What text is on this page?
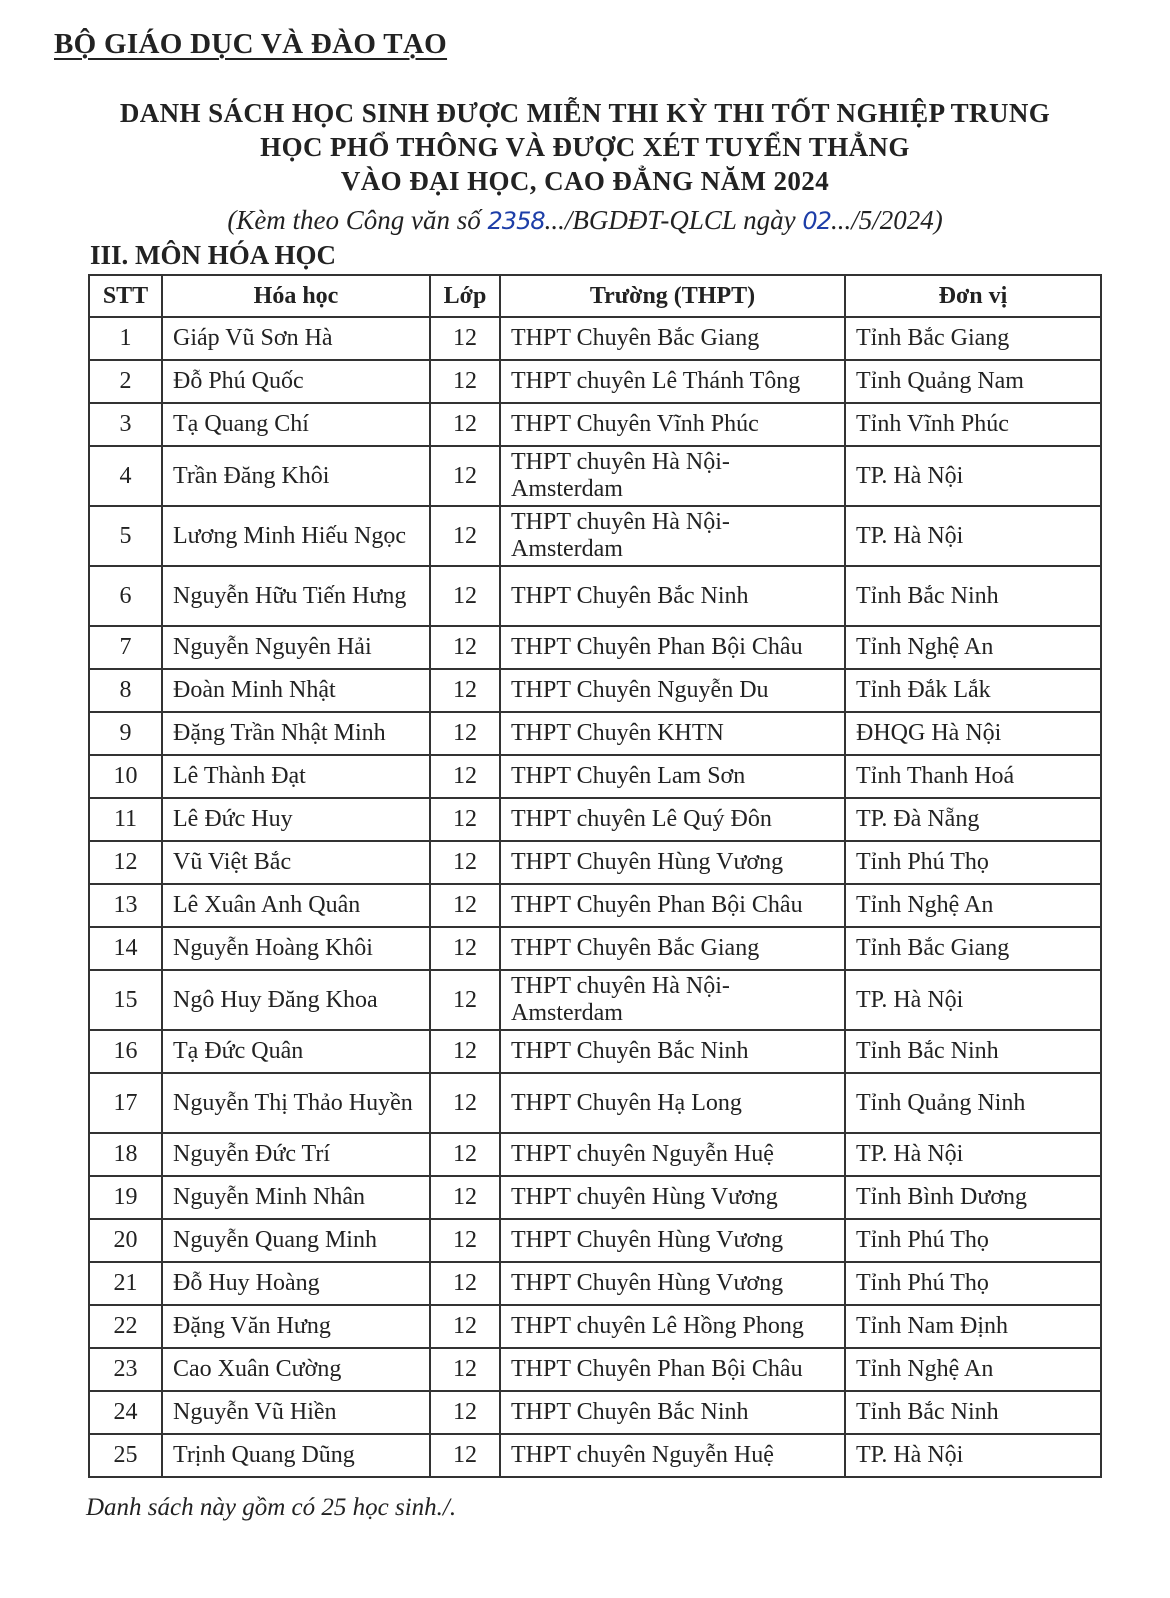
BỘ GIÁO DỤC VÀ ĐÀO TẠO
DANH SÁCH HỌC SINH ĐƯỢC MIỄN THI KỲ THI TỐT NGHIỆP TRUNG
HỌC PHỔ THÔNG VÀ ĐƯỢC XÉT TUYỂN THẲNG
VÀO ĐẠI HỌC, CAO ĐẲNG NĂM 2024
(Kèm theo Công văn số 2358.../BGDĐT-QLCL ngày 02.../5/2024)
III. MÔN HÓA HỌC
STT	Hóa học	Lớp	Trường (THPT)	Đơn vị
1	Giáp Vũ Sơn Hà	12	THPT Chuyên Bắc Giang	Tỉnh Bắc Giang
2	Đỗ Phú Quốc	12	THPT chuyên Lê Thánh Tông	Tỉnh Quảng Nam
3	Tạ Quang Chí	12	THPT Chuyên Vĩnh Phúc	Tỉnh Vĩnh Phúc
4	Trần Đăng Khôi	12	THPT chuyên Hà Nội-Amsterdam	TP. Hà Nội
5	Lương Minh Hiếu Ngọc	12	THPT chuyên Hà Nội-Amsterdam	TP. Hà Nội
6	Nguyễn Hữu Tiến Hưng	12	THPT Chuyên Bắc Ninh	Tỉnh Bắc Ninh
7	Nguyễn Nguyên Hải	12	THPT Chuyên Phan Bội Châu	Tỉnh Nghệ An
8	Đoàn Minh Nhật	12	THPT Chuyên Nguyễn Du	Tỉnh Đắk Lắk
9	Đặng Trần Nhật Minh	12	THPT Chuyên KHTN	ĐHQG Hà Nội
10	Lê Thành Đạt	12	THPT Chuyên Lam Sơn	Tỉnh Thanh Hoá
11	Lê Đức Huy	12	THPT chuyên Lê Quý Đôn	TP. Đà Nẵng
12	Vũ Việt Bắc	12	THPT Chuyên Hùng Vương	Tỉnh Phú Thọ
13	Lê Xuân Anh Quân	12	THPT Chuyên Phan Bội Châu	Tỉnh Nghệ An
14	Nguyễn Hoàng Khôi	12	THPT Chuyên Bắc Giang	Tỉnh Bắc Giang
15	Ngô Huy Đăng Khoa	12	THPT chuyên Hà Nội-Amsterdam	TP. Hà Nội
16	Tạ Đức Quân	12	THPT Chuyên Bắc Ninh	Tỉnh Bắc Ninh
17	Nguyễn Thị Thảo Huyền	12	THPT Chuyên Hạ Long	Tỉnh Quảng Ninh
18	Nguyễn Đức Trí	12	THPT chuyên Nguyễn Huệ	TP. Hà Nội
19	Nguyễn Minh Nhân	12	THPT chuyên Hùng Vương	Tỉnh Bình Dương
20	Nguyễn Quang Minh	12	THPT Chuyên Hùng Vương	Tỉnh Phú Thọ
21	Đỗ Huy Hoàng	12	THPT Chuyên Hùng Vương	Tỉnh Phú Thọ
22	Đặng Văn Hưng	12	THPT chuyên Lê Hồng Phong	Tỉnh Nam Định
23	Cao Xuân Cường	12	THPT Chuyên Phan Bội Châu	Tỉnh Nghệ An
24	Nguyễn Vũ Hiền	12	THPT Chuyên Bắc Ninh	Tỉnh Bắc Ninh
25	Trịnh Quang Dũng	12	THPT chuyên Nguyễn Huệ	TP. Hà Nội
Danh sách này gồm có 25 học sinh./.
